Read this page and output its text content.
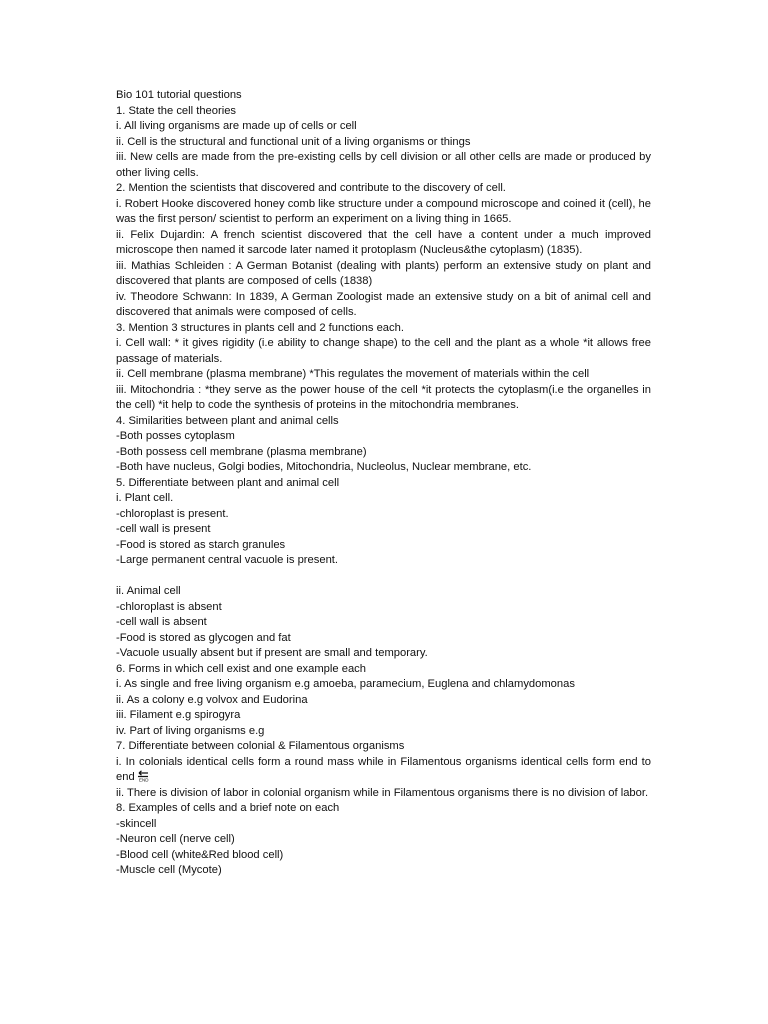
Bio 101 tutorial questions
1. State the cell theories
i. All living organisms are made up of cells or cell
ii. Cell is the structural and functional unit of a living organisms or things
iii. New cells are made from the pre-existing cells by cell division or all other cells are made or produced by other living cells.
2. Mention the scientists that discovered and contribute to the discovery of cell.
i. Robert Hooke discovered honey comb like structure under a compound microscope and coined it (cell), he was the first person/ scientist to perform an experiment on a living thing in 1665.
ii. Felix Dujardin: A french scientist discovered that the cell have a content under a much improved microscope then named it sarcode later named it protoplasm (Nucleus&the cytoplasm) (1835).
iii. Mathias Schleiden : A German Botanist (dealing with plants) perform an extensive study on plant and discovered that plants are composed of cells (1838)
iv. Theodore Schwann: In 1839, A German Zoologist made an extensive study on a bit of animal cell and discovered that animals were composed of cells.
3. Mention 3 structures in plants cell and 2 functions each.
i. Cell wall: * it gives rigidity (i.e ability to change shape) to the cell and the plant as a whole *it allows free passage of materials.
ii. Cell membrane (plasma membrane) *This regulates the movement of materials within the cell
iii. Mitochondria : *they serve as the power house of the cell *it protects the cytoplasm(i.e the organelles in the cell) *it help to code the synthesis of proteins in the mitochondria membranes.
4. Similarities between plant and animal cells
-Both posses cytoplasm
-Both possess cell membrane (plasma membrane)
-Both have nucleus, Golgi bodies, Mitochondria, Nucleolus, Nuclear membrane, etc.
5. Differentiate between plant and animal cell
i. Plant cell.
-chloroplast is present.
-cell wall is present
-Food is stored as starch granules
-Large permanent central vacuole is present.
ii. Animal cell
-chloroplast is absent
-cell wall is absent
-Food is stored as glycogen and fat
-Vacuole usually absent but if present are small and temporary.
6. Forms in which cell exist and one example each
i. As single and free living organism e.g amoeba, paramecium, Euglena and chlamydomonas
ii. As a colony e.g volvox and Eudorina
iii. Filament e.g spirogyra
iv. Part of living organisms e.g
7. Differentiate between colonial & Filamentous organisms
i. In colonials identical cells form a round mass while in Filamentous organisms identical cells form end to end END
ii. There is division of labor in colonial organism while in Filamentous organisms there is no division of labor.
8. Examples of cells and a brief note on each
-skincell
-Neuron cell (nerve cell)
-Blood cell (white&Red blood cell)
-Muscle cell (Mycote)
